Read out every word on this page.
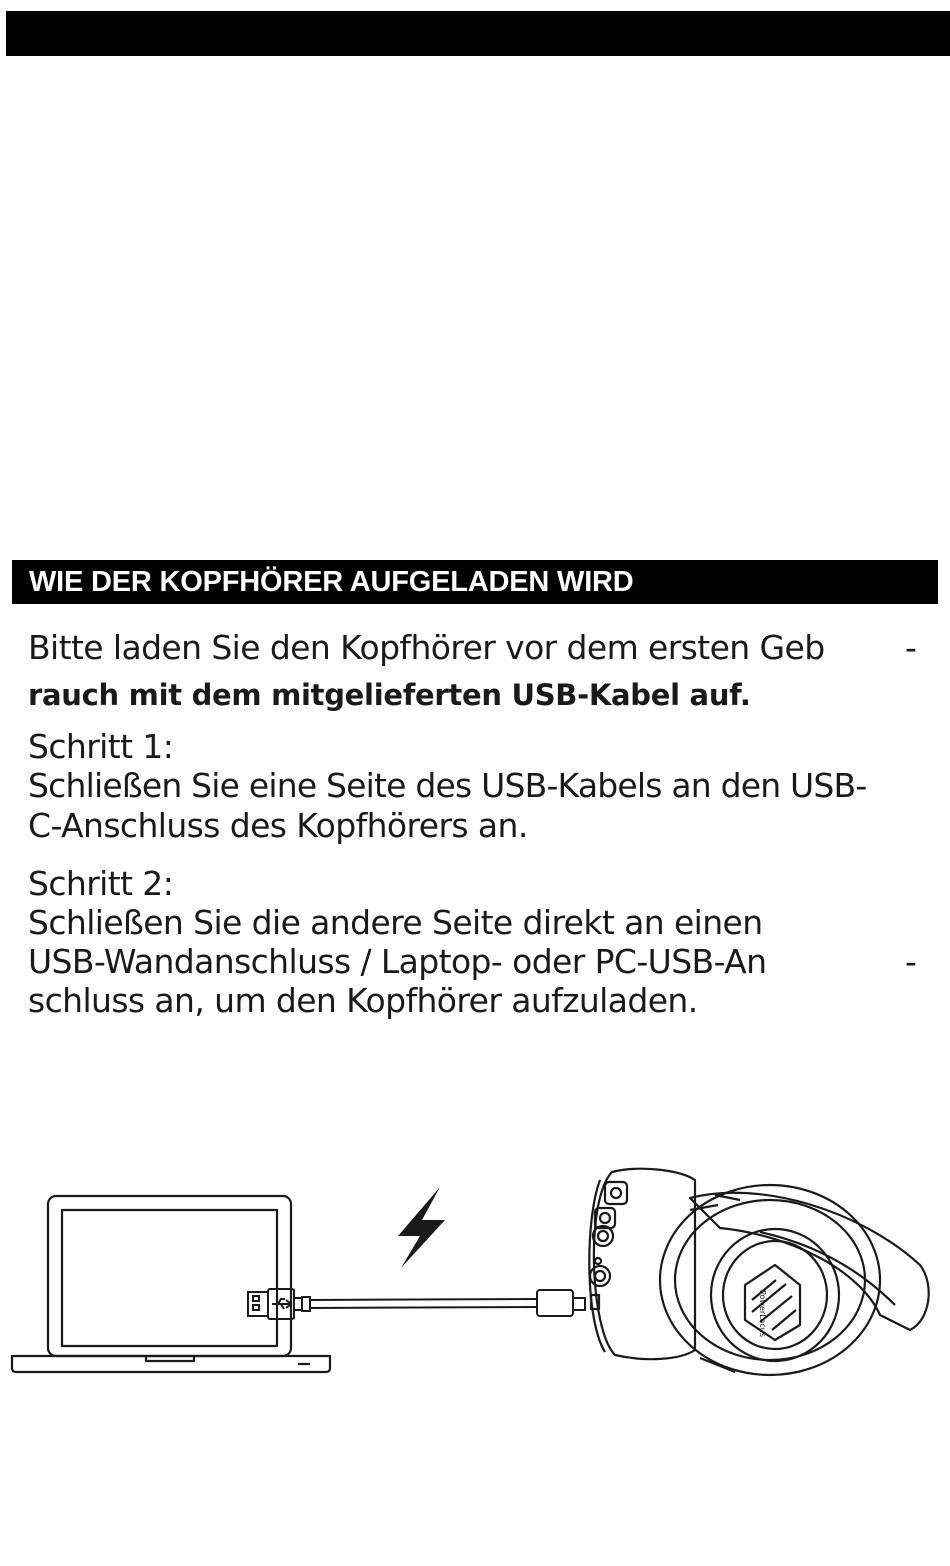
WIE DER KOPFHÖRER AUFGELADEN WIRD
Bitte laden Sie den Kopfhörer vor dem ersten Geb -
rauch mit dem mitgelieferten USB-Kabel auf.
Schritt 1:
Schließen Sie eine Seite des USB-Kabels an den USB-
C-Anschluss des Kopfhörers an.
Schritt 2:
Schließen Sie die andere Seite direkt an einen
USB-Wandanschluss / Laptop- oder PC-USB-An	-
schluss an, um den Kopfhörer aufzuladen.
PowerLocus
